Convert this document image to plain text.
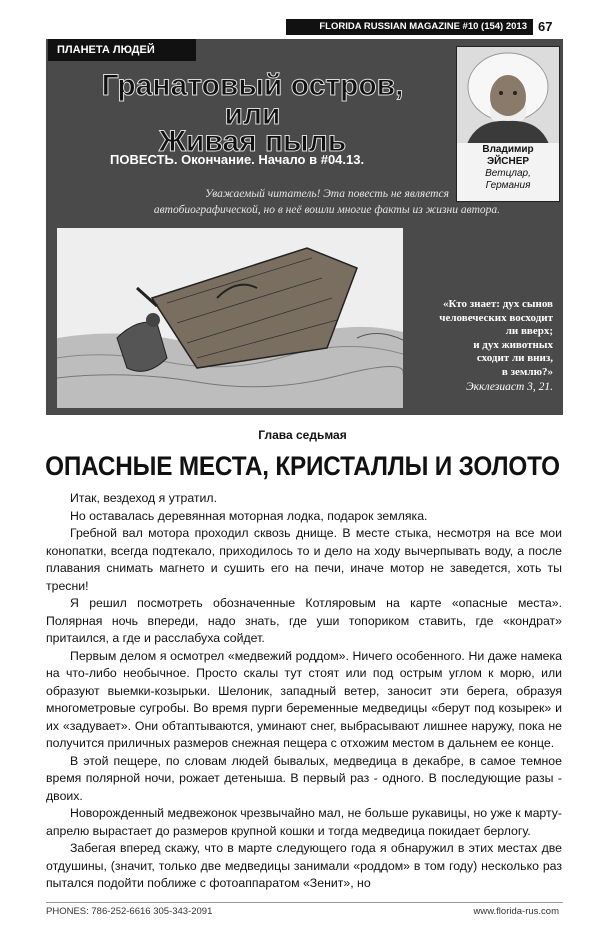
FLORIDA RUSSIAN MAGAZINE #10 (154) 2013 67
ПЛАНЕТА ЛЮДЕЙ
Гранатовый остров,
или
Живая пыль
ПОВЕСТЬ. Окончание. Начало в #04.13.
Владимир
ЭЙСНЕР
Ветцлар,
Германия
Уважаемый читатель! Эта повесть не является
автобиографической, но в неё вошли многие факты из жизни автора.
«Кто знает: дух сынов
человеческих восходит
ли вверх;
и дух животных
сходит ли вниз,
в землю?»
Экклезиаст 3, 21.
Глава седьмая
ОПАСНЫЕ МЕСТА, КРИСТАЛЛЫ И ЗОЛОТО

Итак, вездеход я утратил.

Но оставалась деревянная моторная лодка, подарок земляка.

Гребной вал мотора проходил сквозь днище. В месте стыка, несмотря на все мои конопатки, всегда подтекало, приходилось то и дело на ходу вычерпывать воду, а после плавания снимать магнето и сушить его на печи, иначе мотор не заведется, хоть ты тресни!

Я решил посмотреть обозначенные Котляровым на карте «опасные места». Полярная ночь впереди, надо знать, где уши топориком ставить, где «кондрат» притаился, а где и расслабуха сойдет.

Первым делом я осмотрел «медвежий роддом». Ничего особенного. Ни даже намека на что-либо необычное. Просто скалы тут стоят или под острым углом к морю, или образуют выемки-козырьки. Шелоник, западный ветер, заносит эти берега, образуя многометровые сугробы. Во время пурги беременные медведицы «берут под козырек» и их «задувает». Они обтаптываются, уминают снег, выбрасывают лишнее наружу, пока не получится приличных размеров снежная пещера с отхожим местом в дальнем ее конце.

В этой пещере, по словам людей бывалых, медведица в декабре, в самое темное время полярной ночи, рожает детеныша. В первый раз - одного. В последующие разы - двоих.

Новорожденный медвежонок чрезвычайно мал, не больше рукавицы, но уже к марту-апрелю вырастает до размеров крупной кошки и тогда медведица покидает берлогу.

Забегая вперед скажу, что в марте следующего года я обнаружил в этих местах две отдушины, (значит, только две медведицы занимали «роддом» в том году) несколько раз пытался подойти поближе с фотоаппаратом «Зенит», но

PHONES: 786-252-6616 305-343-2091	www.florida-rus.com
